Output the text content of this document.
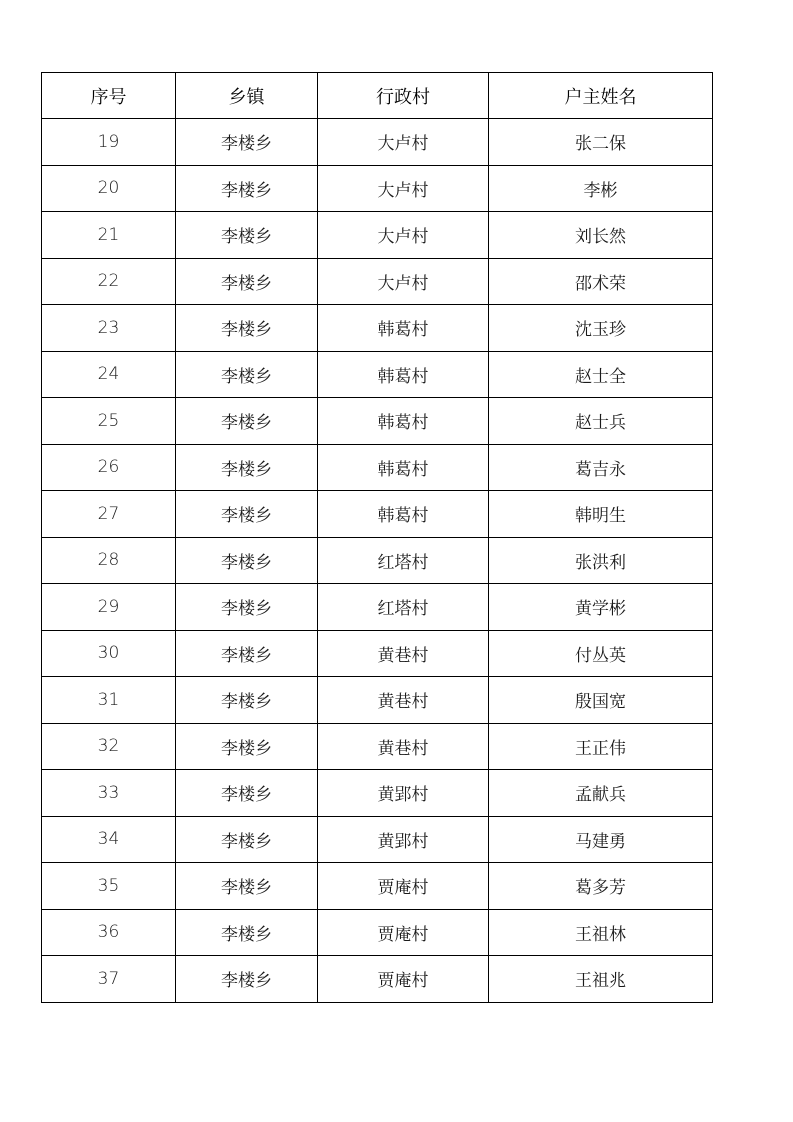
序号	乡镇	行政村	户主姓名
19	李楼乡	大卢村	张二保
20	李楼乡	大卢村	李彬
21	李楼乡	大卢村	刘长然
22	李楼乡	大卢村	邵术荣
23	李楼乡	韩葛村	沈玉珍
24	李楼乡	韩葛村	赵士全
25	李楼乡	韩葛村	赵士兵
26	李楼乡	韩葛村	葛吉永
27	李楼乡	韩葛村	韩明生
28	李楼乡	红塔村	张洪利
29	李楼乡	红塔村	黄学彬
30	李楼乡	黄巷村	付丛英
31	李楼乡	黄巷村	殷国宽
32	李楼乡	黄巷村	王正伟
33	李楼乡	黄郢村	孟献兵
34	李楼乡	黄郢村	马建勇
35	李楼乡	贾庵村	葛多芳
36	李楼乡	贾庵村	王祖林
37	李楼乡	贾庵村	王祖兆
